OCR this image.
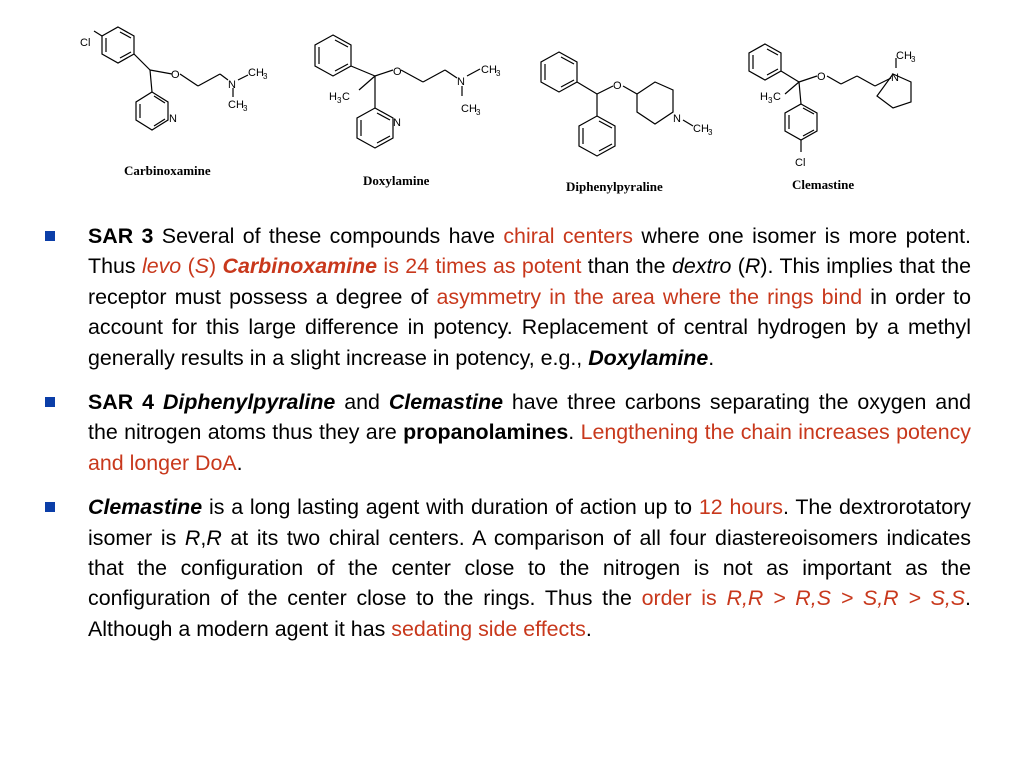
Cl
O
N
CH 3
CH 3
N
Carbinoxamine
O
N
CH 3
CH 3
H 3 C
N
Doxylamine
O
N
CH 3
Diphenylpyraline
O	N
CH 3
H 3 C
Cl
Clemastine
SAR 3 Several of these compounds have chiral centers where one isomer is more potent. Thus levo (S) Carbinoxamine is 24 times as potent than the dextro (R). This implies that the receptor must possess a degree of asymmetry in the area where the rings bind in order to account for this large difference in potency. Replacement of central hydrogen by a methyl generally results in a slight increase in potency, e.g., Doxylamine.
SAR 4 Diphenylpyraline and Clemastine have three carbons separating the oxygen and the nitrogen atoms thus they are propanolamines. Lengthening the chain increases potency and longer DoA.
Clemastine is a long lasting agent with duration of action up to 12 hours. The dextrorotatory isomer is R,R at its two chiral centers. A comparison of all four diastereoisomers indicates that the configuration of the center close to the nitrogen is not as important as the configuration of the center close to the rings. Thus the order is R,R > R,S > S,R > S,S. Although a modern agent it has sedating side effects.
